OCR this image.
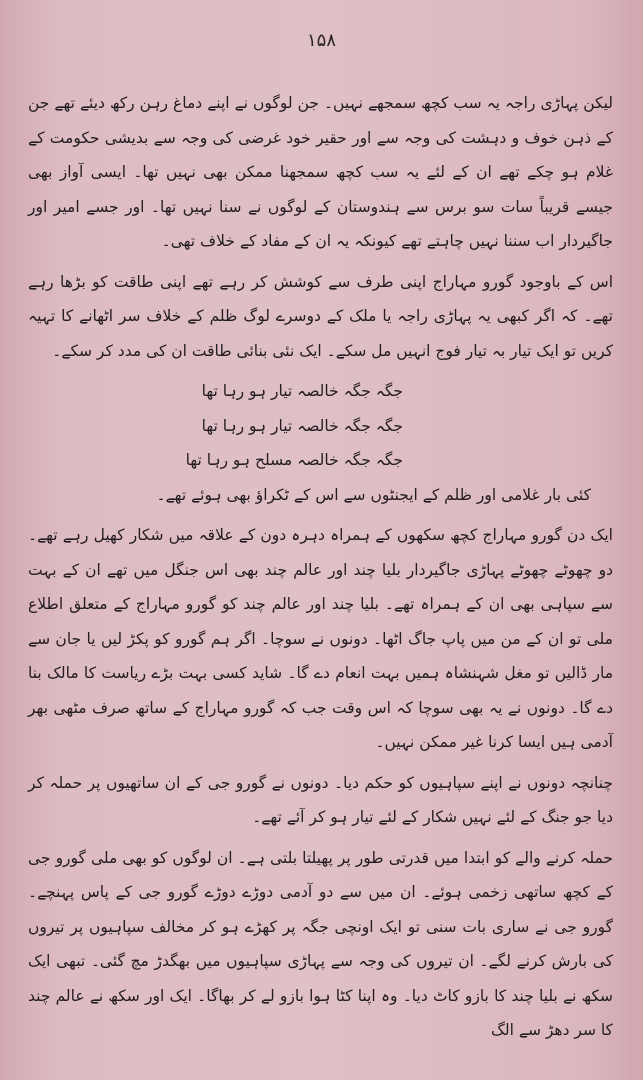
۱۵۸

لیکن پہاڑی راجہ یہ سب کچھ سمجھے نہیں۔ جن لوگوں نے اپنے دماغ رہن رکھ دیئے تھے جن کے ذہن خوف و دہشت کی وجہ سے اور حقیر خود غرضی کی وجہ سے بدیشی حکومت کے غلام ہو چکے تھے ان کے لئے یہ سب کچھ سمجھنا ممکن بھی نہیں تھا۔ ایسی آواز بھی جیسے قریباً سات سو برس سے ہندوستان کے لوگوں نے سنا نہیں تھا۔ اور جسے امیر اور جاگیردار اب سننا نہیں چاہتے تھے کیونکہ یہ ان کے مفاد کے خلاف تھی۔

اس کے باوجود گورو مہاراج اپنی طرف سے کوشش کر رہے تھے اپنی طاقت کو بڑھا رہے تھے۔ کہ اگر کبھی یہ پہاڑی راجہ یا ملک کے دوسرے لوگ ظلم کے خلاف سر اٹھانے کا تہیہ کریں تو ایک تیار بہ تیار فوج انہیں مل سکے۔ ایک نئی بنائی طاقت ان کی مدد کر سکے۔

جگہ جگہ خالصہ تیار ہو رہا تھا

جگہ جگہ خالصہ تیار ہو رہا تھا

جگہ جگہ خالصہ مسلح ہو رہا تھا

کئی بار غلامی اور ظلم کے ایجنٹوں سے اس کے ٹکراؤ بھی ہوئے تھے۔

ایک دن گورو مہاراج کچھ سکھوں کے ہمراہ دہرہ دون کے علاقہ میں شکار کھیل رہے تھے۔ دو چھوٹے چھوٹے پہاڑی جاگیردار بلیا چند اور عالم چند بھی اس جنگل میں تھے ان کے بہت سے سپاہی بھی ان کے ہمراہ تھے۔ بلیا چند اور عالم چند کو گورو مہاراج کے متعلق اطلاع ملی تو ان کے من میں پاپ جاگ اٹھا۔ دونوں نے سوچا۔ اگر ہم گورو کو پکڑ لیں یا جان سے مار ڈالیں تو مغل شہنشاہ ہمیں بہت انعام دے گا۔ شاید کسی بہت بڑے ریاست کا مالک بنا دے گا۔ دونوں نے یہ بھی سوچا کہ اس وقت جب کہ گورو مہاراج کے ساتھ صرف مٹھی بھر آدمی ہیں ایسا کرنا غیر ممکن نہیں۔

چنانچہ دونوں نے اپنے سپاہیوں کو حکم دیا۔ دونوں نے گورو جی کے ان ساتھیوں پر حملہ کر دیا جو جنگ کے لئے نہیں شکار کے لئے تیار ہو کر آئے تھے۔

حملہ کرنے والے کو ابتدا میں قدرتی طور پر پھیلتا بلتی ہے۔ ان لوگوں کو بھی ملی گورو جی کے کچھ ساتھی زخمی ہوئے۔ ان میں سے دو آدمی دوڑے دوڑے گورو جی کے پاس پہنچے۔ گورو جی نے ساری بات سنی تو ایک اونچی جگہ پر کھڑے ہو کر مخالف سپاہیوں پر تیروں کی بارش کرنے لگے۔ ان تیروں کی وجہ سے پہاڑی سپاہیوں میں بھگدڑ مچ گئی۔ تبھی ایک سکھ نے بلیا چند کا بازو کاٹ دیا۔ وہ اپنا کٹا ہوا بازو لے کر بھاگا۔ ایک اور سکھ نے عالم چند کا سر دھڑ سے الگ
